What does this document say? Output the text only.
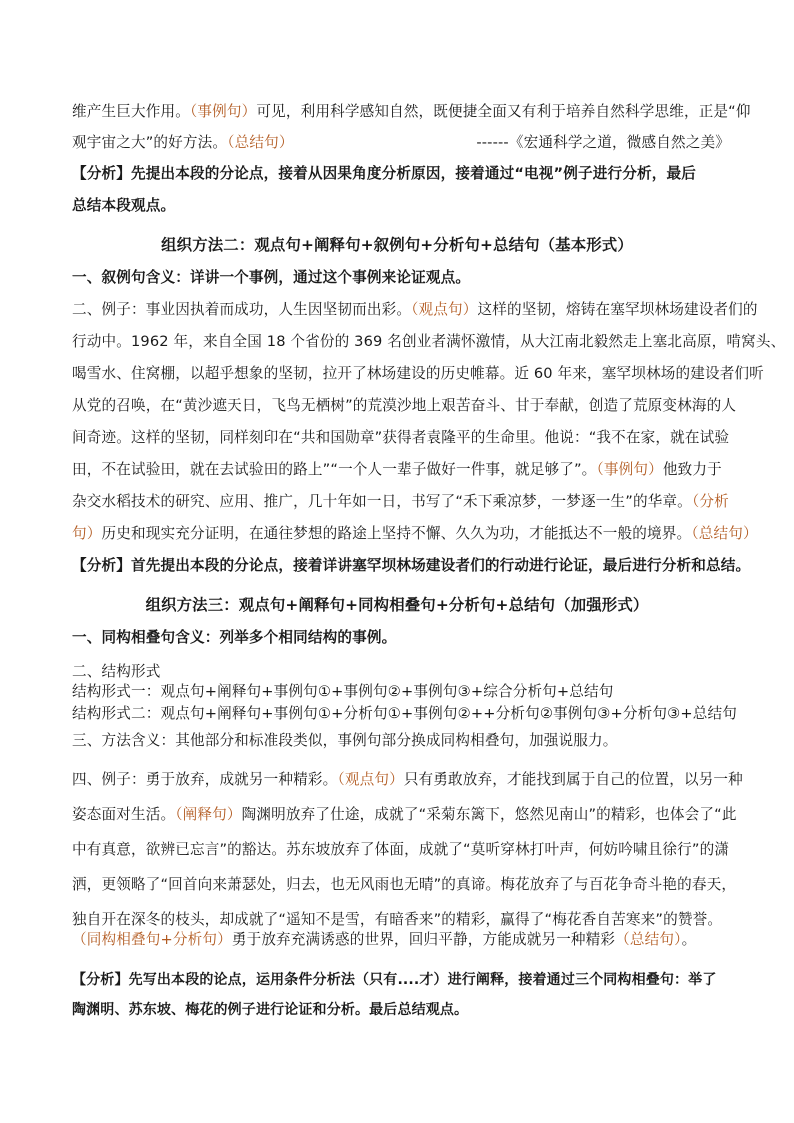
维产生巨大作用。（事例句）可见，利用科学感知自然，既便捷全面又有利于培养自然科学思维，正是“仰
观宇宙之大”的好方法。（总结句）	------《宏通科学之道，微感自然之美》
【分析】先提出本段的分论点，接着从因果角度分析原因，接着通过“电视”例子进行分析，最后
总结本段观点。
组织方法二：观点句+阐释句+叙例句+分析句+总结句（基本形式）
一、叙例句含义：详讲一个事例，通过这个事例来论证观点。
二、例子：事业因执着而成功，人生因坚韧而出彩。（观点句）这样的坚韧，熔铸在塞罕坝林场建设者们的
行动中。1962 年，来自全国 18 个省份的 369 名创业者满怀激情，从大江南北毅然走上塞北高原，啃窝头、
喝雪水、住窝棚，以超乎想象的坚韧，拉开了林场建设的历史帷幕。近 60 年来，塞罕坝林场的建设者们听
从党的召唤，在“黄沙遮天日，飞鸟无栖树”的荒漠沙地上艰苦奋斗、甘于奉献，创造了荒原变林海的人
间奇迹。这样的坚韧，同样刻印在“共和国勋章”获得者袁隆平的生命里。他说：“我不在家，就在试验
田，不在试验田，就在去试验田的路上”“一个人一辈子做好一件事，就足够了”。（事例句）他致力于
杂交水稻技术的研究、应用、推广，几十年如一日，书写了“禾下乘凉梦，一梦逐一生”的华章。（分析
句）历史和现实充分证明，在通往梦想的路途上坚持不懈、久久为功，才能抵达不一般的境界。（总结句）
【分析】首先提出本段的分论点，接着详讲塞罕坝林场建设者们的行动进行论证，最后进行分析和总结。
组织方法三：观点句+阐释句+同构相叠句+分析句+总结句（加强形式）
一、同构相叠句含义：列举多个相同结构的事例。
二、结构形式
结构形式一：观点句+阐释句+事例句①+事例句②+事例句③+综合分析句+总结句
结构形式二：观点句+阐释句+事例句①+分析句①+事例句②++分析句②事例句③+分析句③+总结句
三、方法含义：其他部分和标准段类似，事例句部分换成同构相叠句，加强说服力。
四、例子：勇于放弃，成就另一种精彩。（观点句）只有勇敢放弃，才能找到属于自己的位置，以另一种
姿态面对生活。（阐释句）陶渊明放弃了仕途，成就了“采菊东篱下，悠然见南山”的精彩，也体会了“此
中有真意，欲辨已忘言”的豁达。苏东坡放弃了体面，成就了“莫听穿林打叶声，何妨吟啸且徐行”的潇
洒，更领略了“回首向来萧瑟处，归去，也无风雨也无晴”的真谛。梅花放弃了与百花争奇斗艳的春天，
独自开在深冬的枝头，却成就了“遥知不是雪，有暗香来”的精彩，赢得了“梅花香自苦寒来”的赞誉。
（同构相叠句+分析句）勇于放弃充满诱惑的世界，回归平静，方能成就另一种精彩（总结句）。
【分析】先写出本段的论点，运用条件分析法（只有....才）进行阐释，接着通过三个同构相叠句：举了
陶渊明、苏东坡、梅花的例子进行论证和分析。最后总结观点。
